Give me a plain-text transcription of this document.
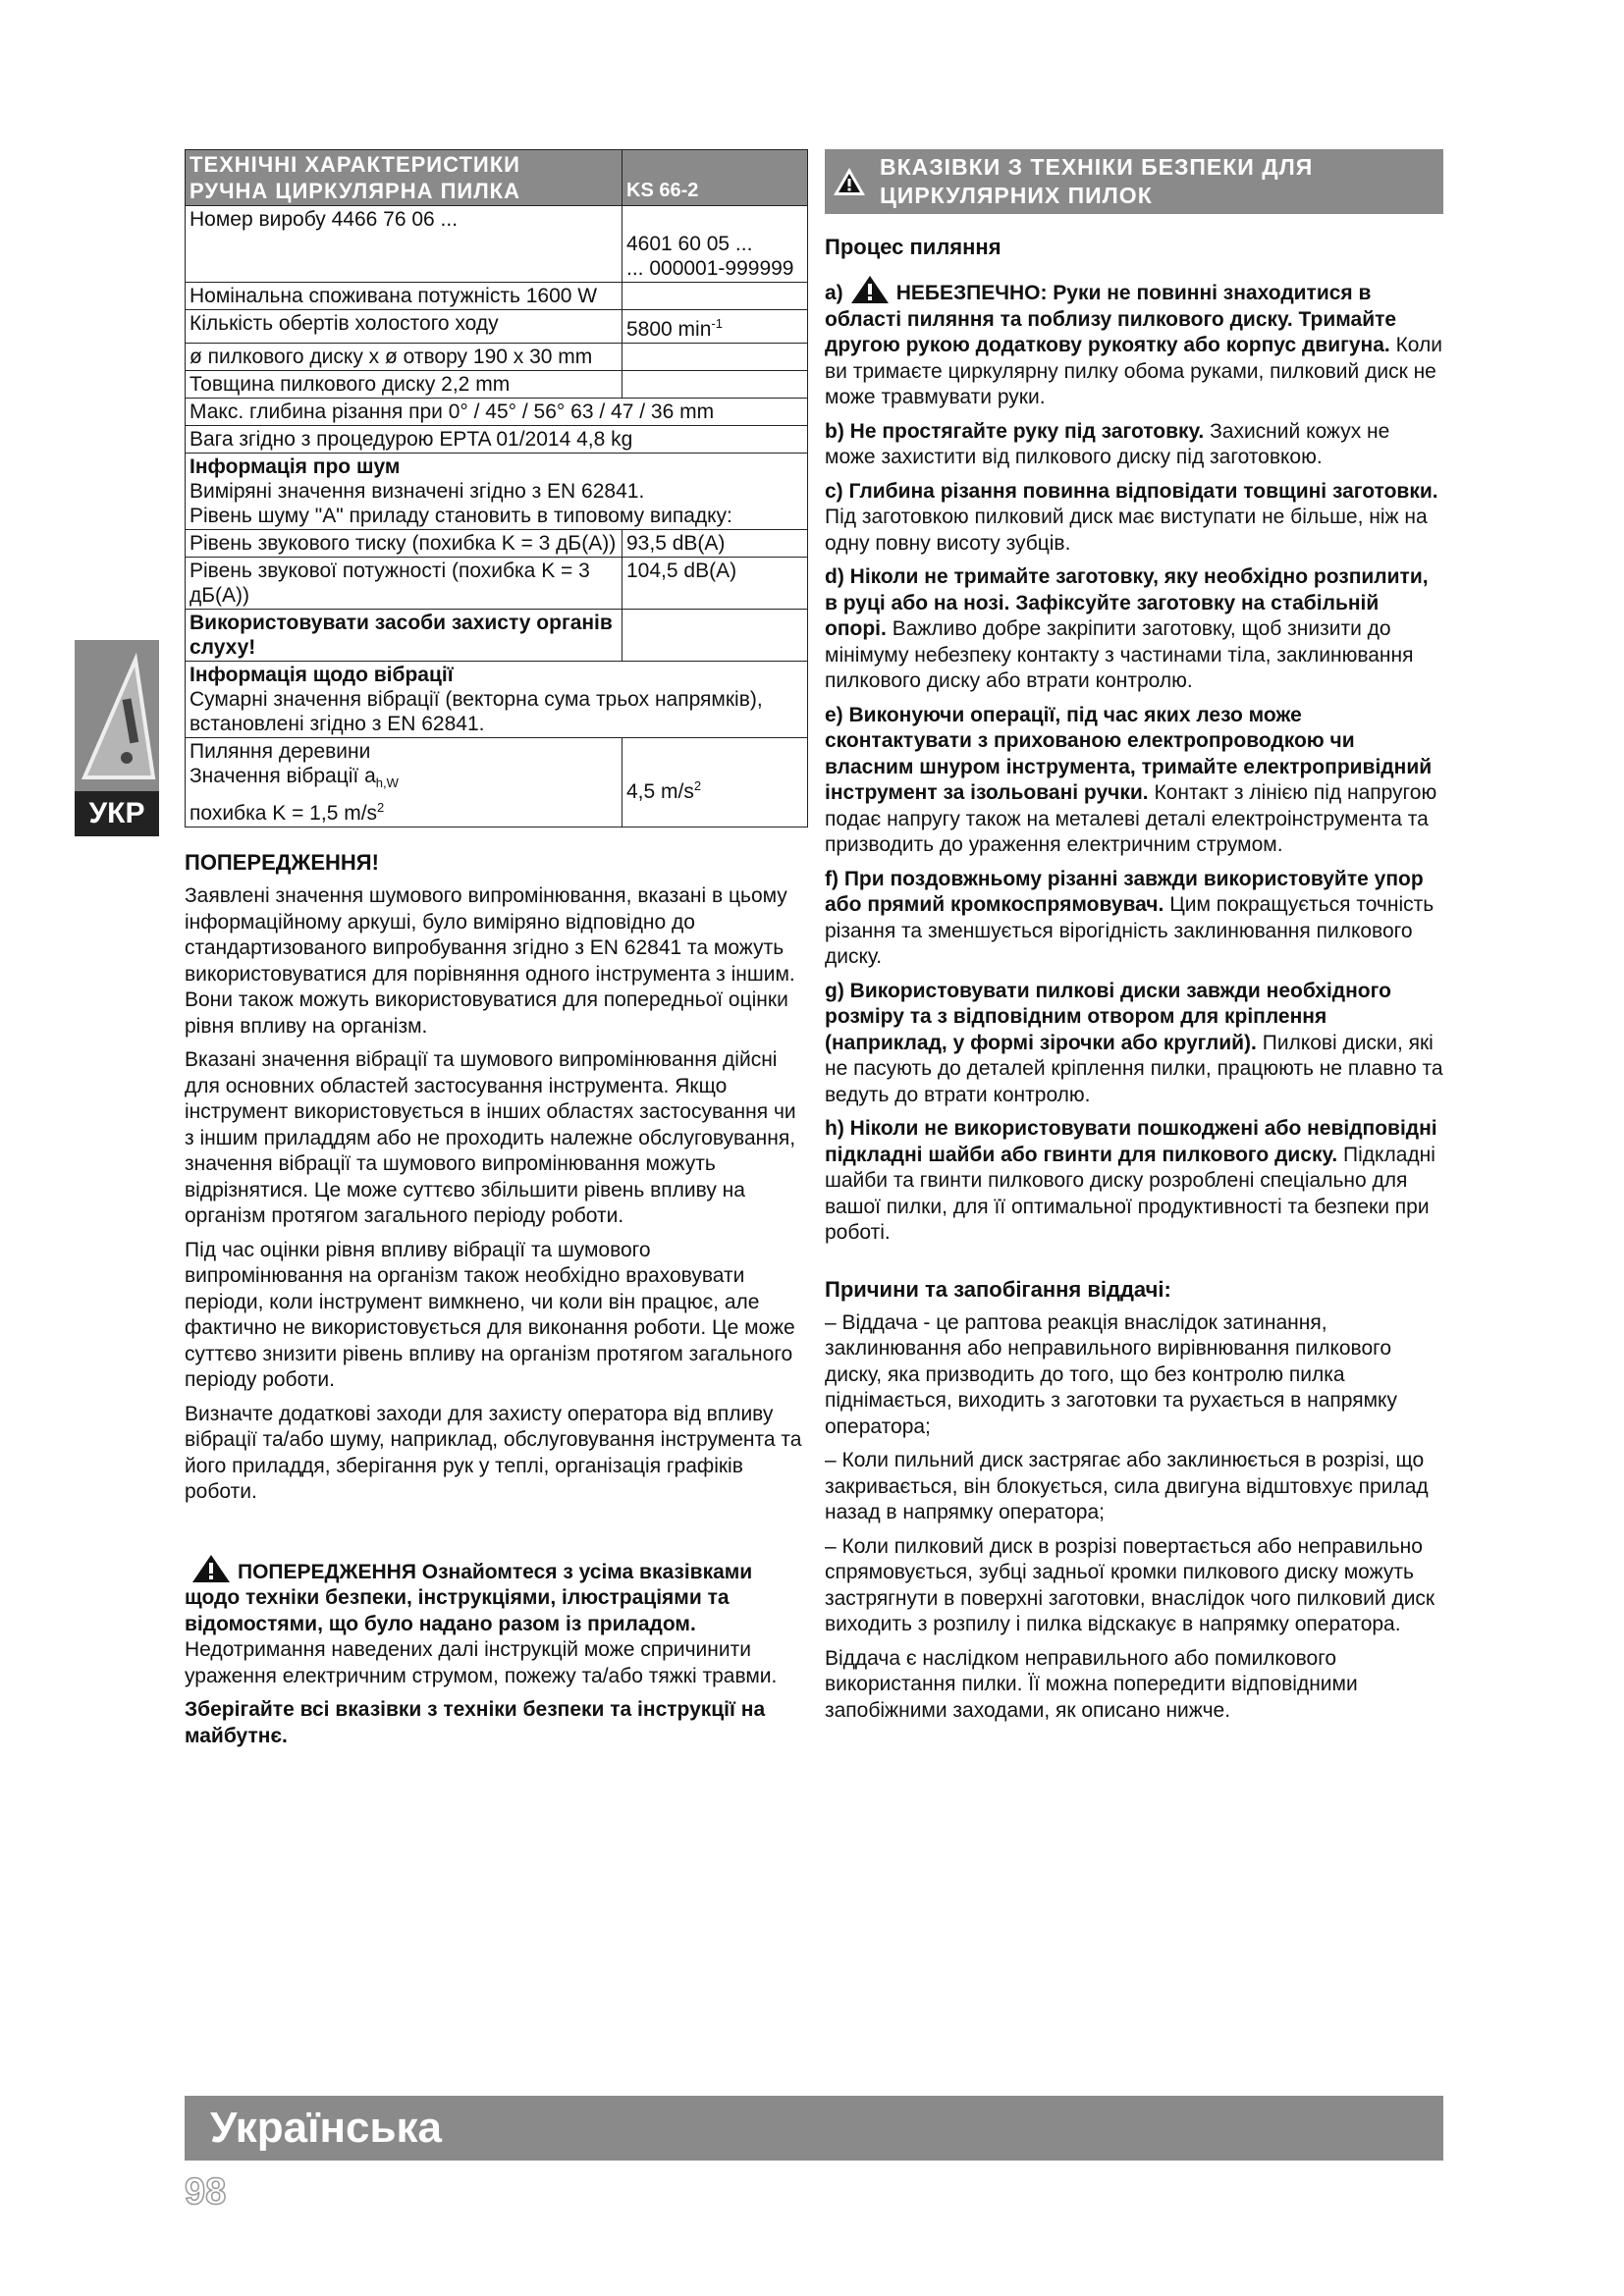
УКР
ТЕХНІЧНІ ХАРАКТЕРИСТИКИ
РУЧНА ЦИРКУЛЯРНА ПИЛКА	KS 66-2
Номер виробу 4466 76 06 ...	4601 60 05 ...
... 000001-999999

Номінальна споживана потужність 1600 W	
Кількість обертів холостого ходу	5800 $\min^{-1}$
ø пилкового диску x ø отвору 190 x 30 mm	
Товщина пилкового диску 2,2 mm	
Макс. глибина різання при 0° / 45° / 56° 63 / 47 / 36 mm	
Вага згідно з процедурою EPTA 01/2014 4,8 kg	

Інформація про шум
Виміряні значення визначені згідно з EN 62841.
Рівень шуму "А" приладу становить в типовому випадку:	

Рівень звукового тиску (похибка K = 3 дБ(A))	93,5 dB(A)
Рівень звукової потужності (похибка K = 3 дБ(A))	104,5 dB(A)
Використовувати засоби захисту органів слуху!	

Інформація щодо вібрації
Сумарні значення вібрації (векторна сума трьох напрямків), встановлені згідно з EN 62841.	

Пиляння деревини
Значення вібрації $a_{h,W}$
похибка K = 1,5 $m/s^2$	4,5 $m/s^2$
ПОПЕРЕДЖЕННЯ!

Заявлені значення шумового випромінювання, вказані в цьому інформаційному аркуші, було виміряно відповідно до стандартизованого випробування згідно з EN 62841 та можуть використовуватися для порівняння одного інструмента з іншим. Вони також можуть використовуватися для попередньої оцінки рівня впливу на організм.

Вказані значення вібрації та шумового випромінювання дійсні для основних областей застосування інструмента. Якщо інструмент використовується в інших областях застосування чи з іншим приладдям або не проходить належне обслуговування, значення вібрації та шумового випромінювання можуть відрізнятися. Це може суттєво збільшити рівень впливу на організм протягом загального періоду роботи.

Під час оцінки рівня впливу вібрації та шумового випромінювання на організм також необхідно враховувати періоди, коли інструмент вимкнено, чи коли він працює, але фактично не використовується для виконання роботи. Це може суттєво знизити рівень впливу на організм протягом загального періоду роботи.

Визначте додаткові заходи для захисту оператора від впливу вібрації та/або шуму, наприклад, обслуговування інструмента та його приладдя, зберігання рук у теплі, організація графіків роботи.

ПОПЕРЕДЖЕННЯ Ознайомтеся з усіма вказівками щодо техніки безпеки, інструкціями, ілюстраціями та відомостями, що було надано разом із приладом. Недотримання наведених далі інструкцій може спричинити ураження електричним струмом, пожежу та/або тяжкі травми.

Зберігайте всі вказівки з техніки безпеки та інструкції на майбутнє.

ВКАЗІВКИ З ТЕХНІКИ БЕЗПЕКИ ДЛЯ ЦИРКУЛЯРНИХ ПИЛОК
Процес пиляння

a)	НЕБЕЗПЕЧНО: Руки не повинні знаходитися в області пиляння та поблизу пилкового диску. Тримайте другою рукою додаткову рукоятку або корпус двигуна. Коли ви тримаєте циркулярну пилку обома руками, пилковий диск не може травмувати руки.

b) Не простягайте руку під заготовку. Захисний кожух не може захистити від пилкового диску під заготовкою.

c) Глибина різання повинна відповідати товщині заготовки. Під заготовкою пилковий диск має виступати не більше, ніж на одну повну висоту зубців.

d) Ніколи не тримайте заготовку, яку необхідно розпилити, в руці або на нозі. Зафіксуйте заготовку на стабільній опорі. Важливо добре закріпити заготовку, щоб знизити до мінімуму небезпеку контакту з частинами тіла, заклинювання пилкового диску або втрати контролю.

e) Виконуючи операції, під час яких лезо може сконтактувати з прихованою електропроводкою чи власним шнуром інструмента, тримайте електропривідний інструмент за ізольовані ручки. Контакт з лінією під напругою подає напругу також на металеві деталі електроінструмента та призводить до ураження електричним струмом.

f) При поздовжньому різанні завжди використовуйте упор або прямий кромкоспрямовувач. Цим покращується точність різання та зменшується вірогідність заклинювання пилкового диску.

g) Використовувати пилкові диски завжди необхідного розміру та з відповідним отвором для кріплення (наприклад, у формі зірочки або круглий). Пилкові диски, які не пасують до деталей кріплення пилки, працюють не плавно та ведуть до втрати контролю.

h) Ніколи не використовувати пошкоджені або невідповідні підкладні шайби або гвинти для пилкового диску. Підкладні шайби та гвинти пилкового диску розроблені спеціально для вашої пилки, для її оптимальної продуктивності та безпеки при роботі.

Причини та запобігання віддачі:

– Віддача - це раптова реакція внаслідок затинання, заклинювання або неправильного вирівнювання пилкового диску, яка призводить до того, що без контролю пилка піднімається, виходить з заготовки та рухається в напрямку оператора;

– Коли пильний диск застрягає або заклинюється в розрізі, що закривається, він блокується, сила двигуна відштовхує прилад назад в напрямку оператора;

– Коли пилковий диск в розрізі повертається або неправильно спрямовується, зубці задньої кромки пилкового диску можуть застрягнути в поверхні заготовки, внаслідок чого пилковий диск виходить з розпилу і пилка відскакує в напрямку оператора.

Віддача є наслідком неправильного або помилкового використання пилки. Її можна попередити відповідними запобіжними заходами, як описано нижче.

Українська
98
